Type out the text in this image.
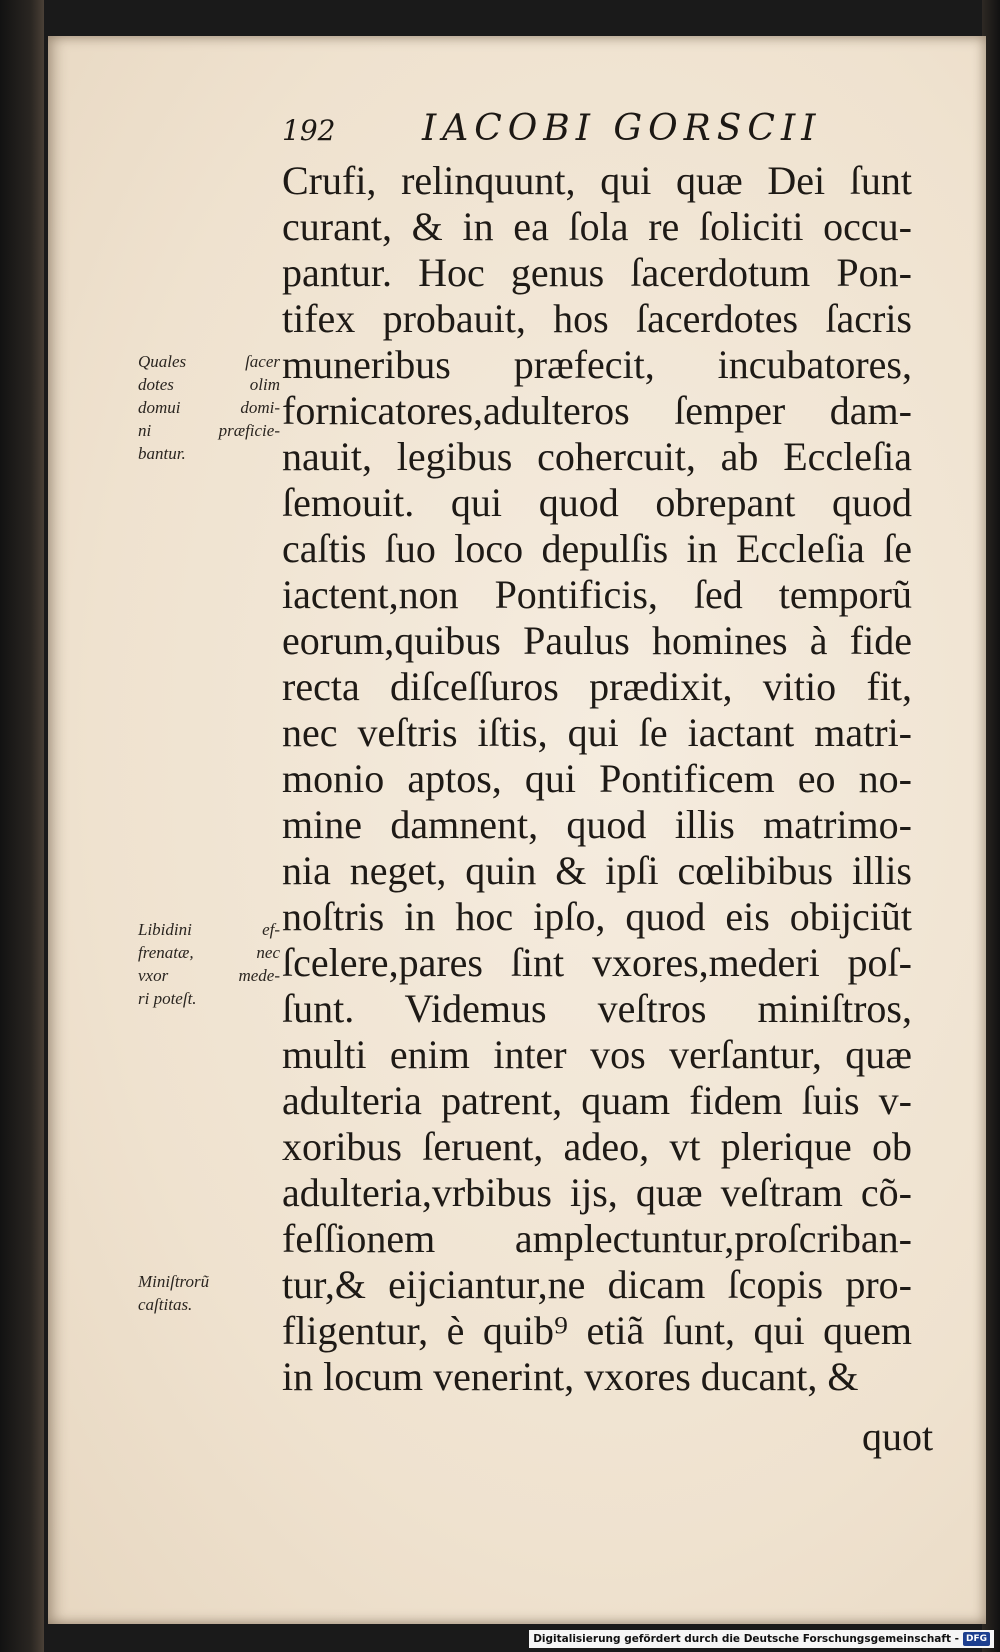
192 IACOBI GORSCII
Quales ſacer
dotes olim
domui domi-
ni præficie-
bantur.
Libidini ef-
frenatæ, nec
vxor mede-
ri poteſt.
Miniſtrorũ
caſtitas.
Crufi, relinquunt, qui quæ Dei ſunt
curant, & in ea ſola re ſoliciti occu-
pantur. Hoc genus ſacerdotum Pon-
tifex probauit, hos ſacerdotes ſacris
muneribus præfecit, incubatores,
fornicatores,adulteros ſemper dam-
nauit, legibus cohercuit, ab Eccleſia
ſemouit. qui quod obrepant quod
caſtis ſuo loco depulſis in Eccleſia ſe
iactent,non Pontificis, ſed temporũ
eorum,quibus Paulus homines à fide
recta diſceſſuros prædixit, vitio fit,
nec veſtris iſtis, qui ſe iactant matri-
monio aptos, qui Pontificem eo no-
mine damnent, quod illis matrimo-
nia neget, quin & ipſi cœlibibus illis
noſtris in hoc ipſo, quod eis obijciũt
ſcelere,pares ſint vxores,mederi poſ-
ſunt. Videmus veſtros miniſtros,
multi enim inter vos verſantur, quæ
adulteria patrent, quam fidem ſuis v-
xoribus ſeruent, adeo, vt plerique ob
adulteria,vrbibus ijs, quæ veſtram cõ-
feſſionem amplectuntur,proſcriban-
tur,& eijciantur,ne dicam ſcopis pro-
fligentur, è quib⁹ etiã ſunt, qui quem
in locum venerint, vxores ducant, &
quot
Digitalisierung gefördert durch die Deutsche Forschungsgemeinschaft - DFG
